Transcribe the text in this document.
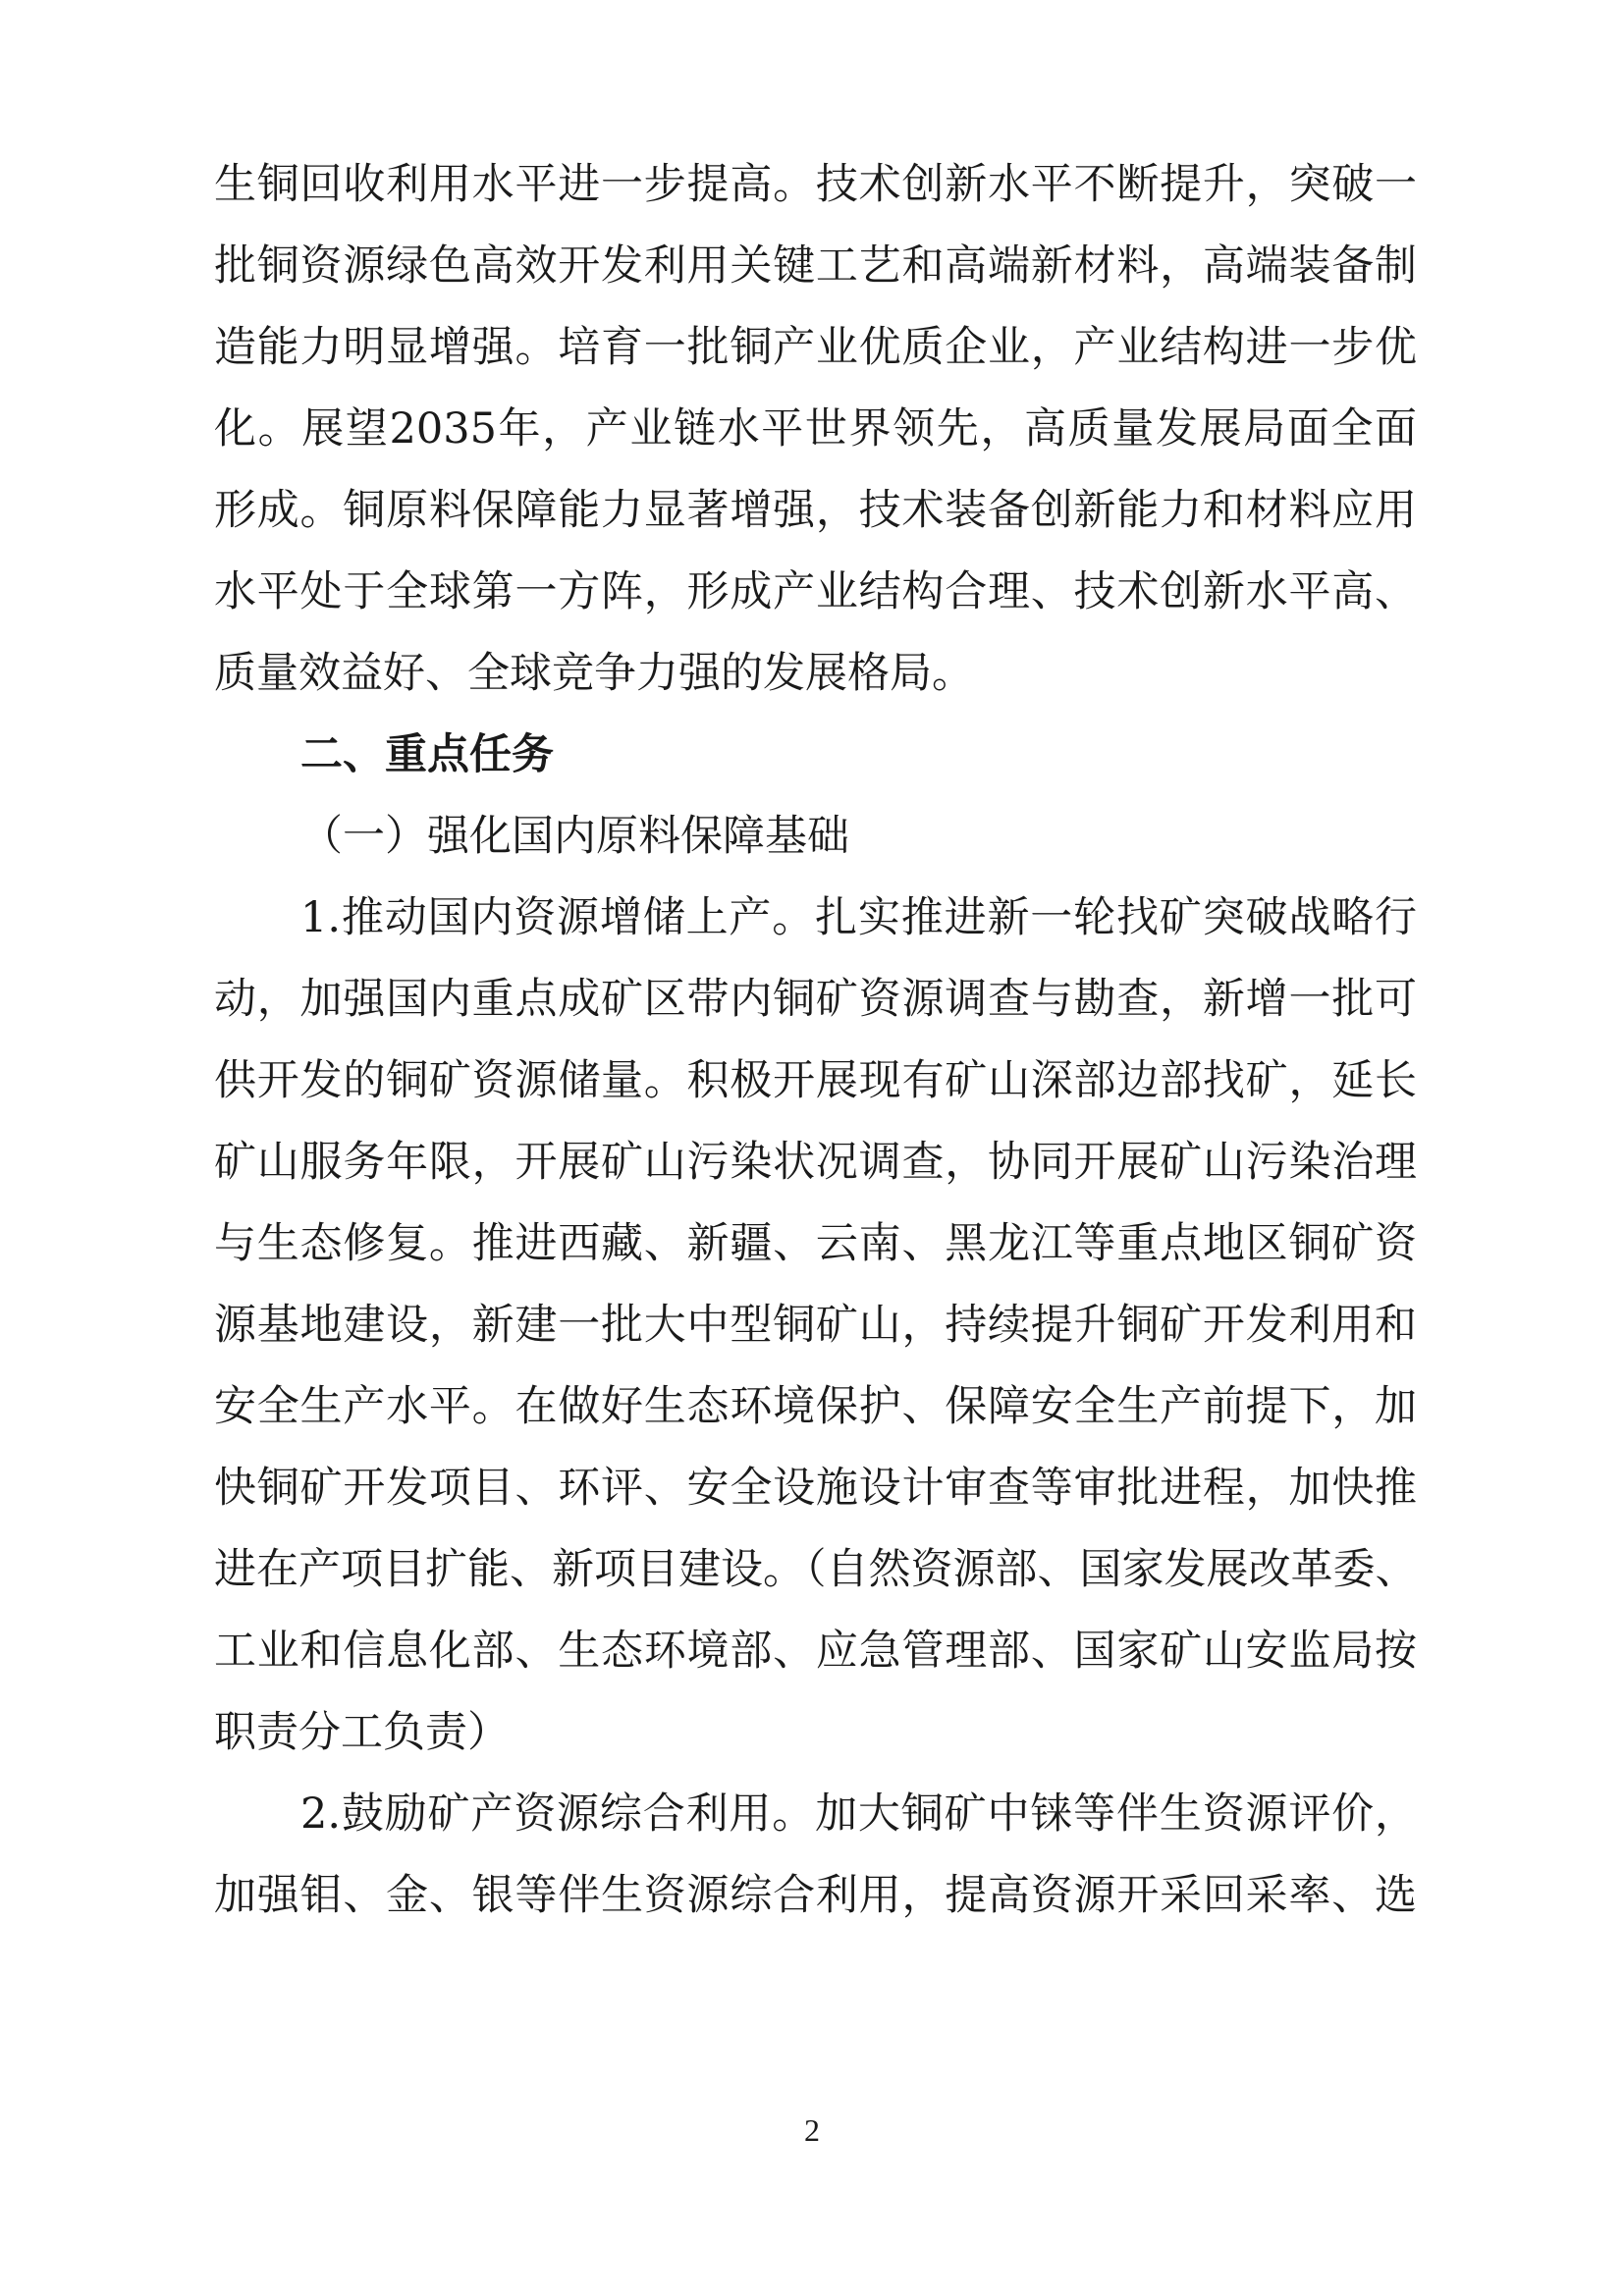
生铜回收利用水平进一步提高。技术创新水平不断提升，突破一
批铜资源绿色高效开发利用关键工艺和高端新材料，高端装备制
造能力明显增强。培育一批铜产业优质企业，产业结构进一步优
化。展望2035年，产业链水平世界领先，高质量发展局面全面
形成。铜原料保障能力显著增强，技术装备创新能力和材料应用
水平处于全球第一方阵，形成产业结构合理、技术创新水平高、
质量效益好、全球竞争力强的发展格局。
二、重点任务
（一）强化国内原料保障基础
1.推动国内资源增储上产。扎实推进新一轮找矿突破战略行
动，加强国内重点成矿区带内铜矿资源调查与勘查，新增一批可
供开发的铜矿资源储量。积极开展现有矿山深部边部找矿，延长
矿山服务年限，开展矿山污染状况调查，协同开展矿山污染治理
与生态修复。推进西藏、新疆、云南、黑龙江等重点地区铜矿资
源基地建设，新建一批大中型铜矿山，持续提升铜矿开发利用和
安全生产水平。在做好生态环境保护、保障安全生产前提下，加
快铜矿开发项目、环评、安全设施设计审查等审批进程，加快推
进在产项目扩能、新项目建设。（自然资源部、国家发展改革委、
工业和信息化部、生态环境部、应急管理部、国家矿山安监局按
职责分工负责）
2.鼓励矿产资源综合利用。加大铜矿中铼等伴生资源评价，
加强钼、金、银等伴生资源综合利用，提高资源开采回采率、选
2
